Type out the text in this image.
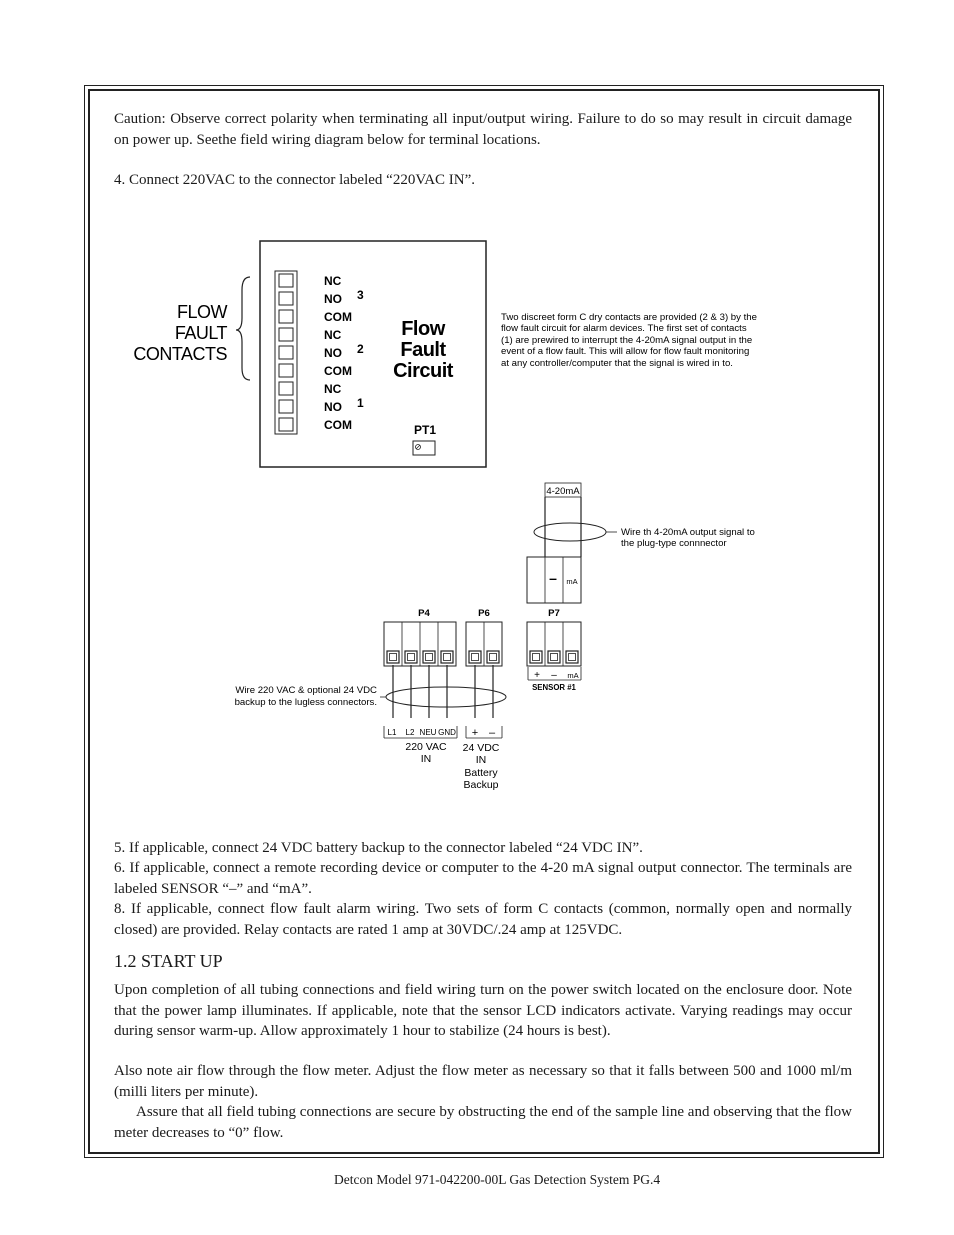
Caution: Observe correct polarity when terminating all input/output wiring. Failure to do so may result in circuit damage on power up. Seethe field wiring diagram below for terminal locations.
4. Connect 220VAC to the connector labeled “220VAC IN”.
FLOW
FAULT
CONTACTS
NC
NO
COM
NC
NO
COM
NC
NO
COM
3
2
1
Flow
Fault
Circuit
PT1
Two discreet form C dry contacts are provided (2 & 3) by the
flow fault circuit for alarm devices. The first set of contacts
(1) are prewired to interrupt the 4-20mA signal output in the
event of a flow fault. This will allow for flow fault monitoring
at any controller/computer that the signal is wired in to.
4-20mA
Wire th 4-20mA output signal to
the plug-type connnector
– mA
P4	P6	P7
+ – mA
SENSOR #1
Wire 220 VAC & optional 24 VDC
backup to the lugless connectors.
L1 L2 NEU GND + –
220 VAC
IN
24 VDC
IN
Battery
Backup
5. If applicable, connect 24 VDC battery backup to the connector labeled “24 VDC IN”.
6. If applicable, connect a remote recording device or computer to the 4-20 mA signal output connector. The terminals are labeled SENSOR “–” and “mA”.
8. If applicable, connect flow fault alarm wiring. Two sets of form C contacts (common, normally open and normally closed) are provided. Relay contacts are rated 1 amp at 30VDC/.24 amp at 125VDC.
1.2 START UP
Upon completion of all tubing connections and field wiring turn on the power switch located on the enclosure door. Note that the power lamp illuminates. If applicable, note that the sensor LCD indicators activate. Varying readings may occur during sensor warm-up. Allow approximately 1 hour to stabilize (24 hours is best).
Also note air flow through the flow meter. Adjust the flow meter as necessary so that it falls between 500 and 1000 ml/m (milli liters per minute).
Assure that all field tubing connections are secure by obstructing the end of the sample line and observing that the flow meter decreases to “0” flow.
Detcon Model 971-042200-00L Gas Detection System PG.4
